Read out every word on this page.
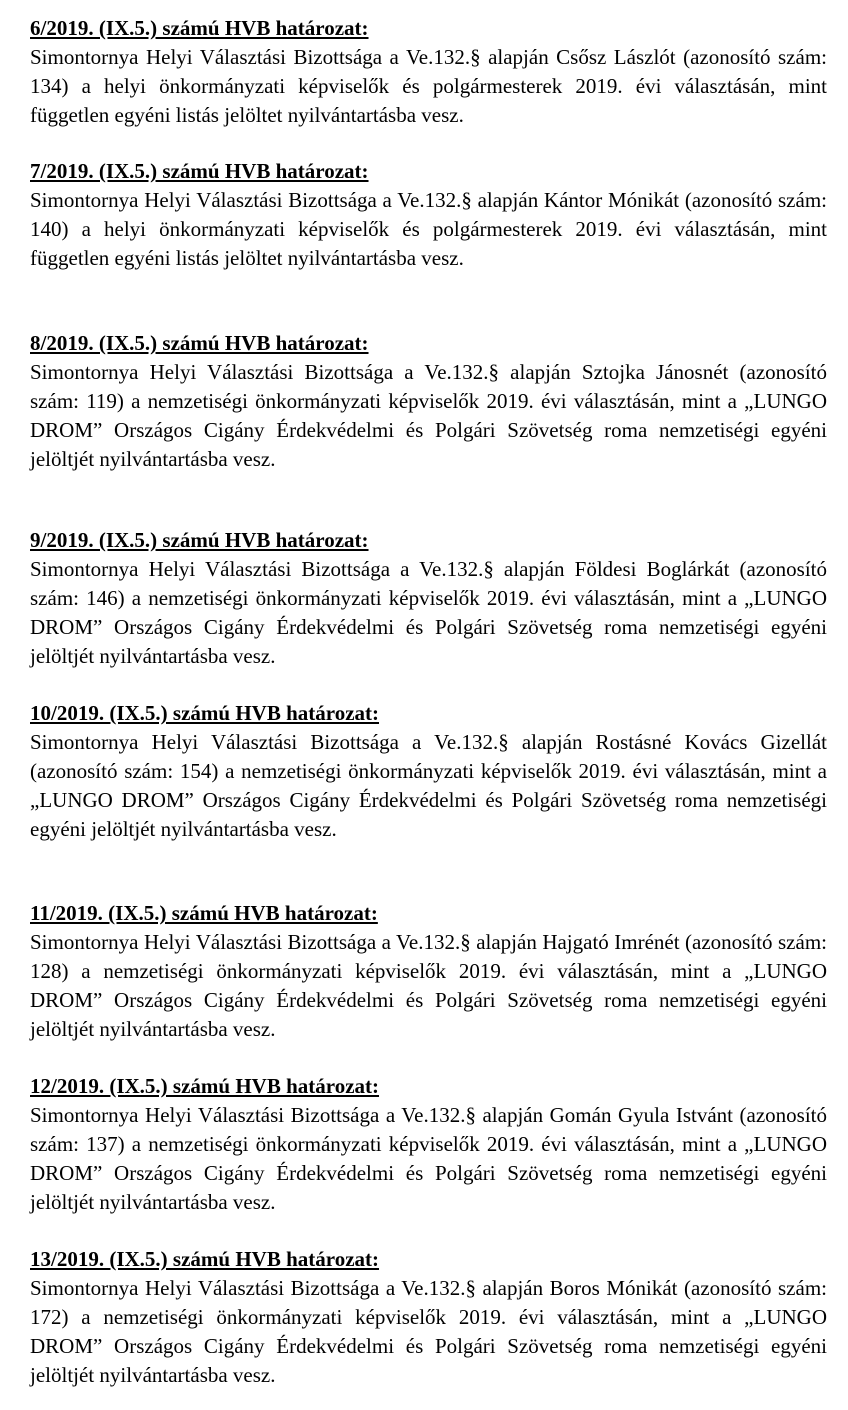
6/2019. (IX.5.) számú HVB határozat:

Simontornya Helyi Választási Bizottsága a Ve.132.§ alapján Csősz Lászlót (azonosító szám: 134) a helyi önkormányzati képviselők és polgármesterek 2019. évi választásán, mint független egyéni listás jelöltet nyilvántartásba vesz.

7/2019. (IX.5.) számú HVB határozat:

Simontornya Helyi Választási Bizottsága a Ve.132.§ alapján Kántor Mónikát (azonosító szám: 140) a helyi önkormányzati képviselők és polgármesterek 2019. évi választásán, mint független egyéni listás jelöltet nyilvántartásba vesz.

8/2019. (IX.5.) számú HVB határozat:

Simontornya Helyi Választási Bizottsága a Ve.132.§ alapján Sztojka Jánosnét (azonosító szám: 119) a nemzetiségi önkormányzati képviselők 2019. évi választásán, mint a „LUNGO DROM” Országos Cigány Érdekvédelmi és Polgári Szövetség roma nemzetiségi egyéni jelöltjét nyilvántartásba vesz.

9/2019. (IX.5.) számú HVB határozat:

Simontornya Helyi Választási Bizottsága a Ve.132.§ alapján Földesi Boglárkát (azonosító szám: 146) a nemzetiségi önkormányzati képviselők 2019. évi választásán, mint a „LUNGO DROM” Országos Cigány Érdekvédelmi és Polgári Szövetség roma nemzetiségi egyéni jelöltjét nyilvántartásba vesz.

10/2019. (IX.5.) számú HVB határozat:

Simontornya Helyi Választási Bizottsága a Ve.132.§ alapján Rostásné Kovács Gizellát (azonosító szám: 154) a nemzetiségi önkormányzati képviselők 2019. évi választásán, mint a „LUNGO DROM” Országos Cigány Érdekvédelmi és Polgári Szövetség roma nemzetiségi egyéni jelöltjét nyilvántartásba vesz.

11/2019. (IX.5.) számú HVB határozat:

Simontornya Helyi Választási Bizottsága a Ve.132.§ alapján Hajgató Imrénét (azonosító szám: 128) a nemzetiségi önkormányzati képviselők 2019. évi választásán, mint a „LUNGO DROM” Országos Cigány Érdekvédelmi és Polgári Szövetség roma nemzetiségi egyéni jelöltjét nyilvántartásba vesz.

12/2019. (IX.5.) számú HVB határozat:

Simontornya Helyi Választási Bizottsága a Ve.132.§ alapján Gomán Gyula Istvánt (azonosító szám: 137) a nemzetiségi önkormányzati képviselők 2019. évi választásán, mint a „LUNGO DROM” Országos Cigány Érdekvédelmi és Polgári Szövetség roma nemzetiségi egyéni jelöltjét nyilvántartásba vesz.

13/2019. (IX.5.) számú HVB határozat:

Simontornya Helyi Választási Bizottsága a Ve.132.§ alapján Boros Mónikát (azonosító szám: 172) a nemzetiségi önkormányzati képviselők 2019. évi választásán, mint a „LUNGO DROM” Országos Cigány Érdekvédelmi és Polgári Szövetség roma nemzetiségi egyéni jelöltjét nyilvántartásba vesz.
